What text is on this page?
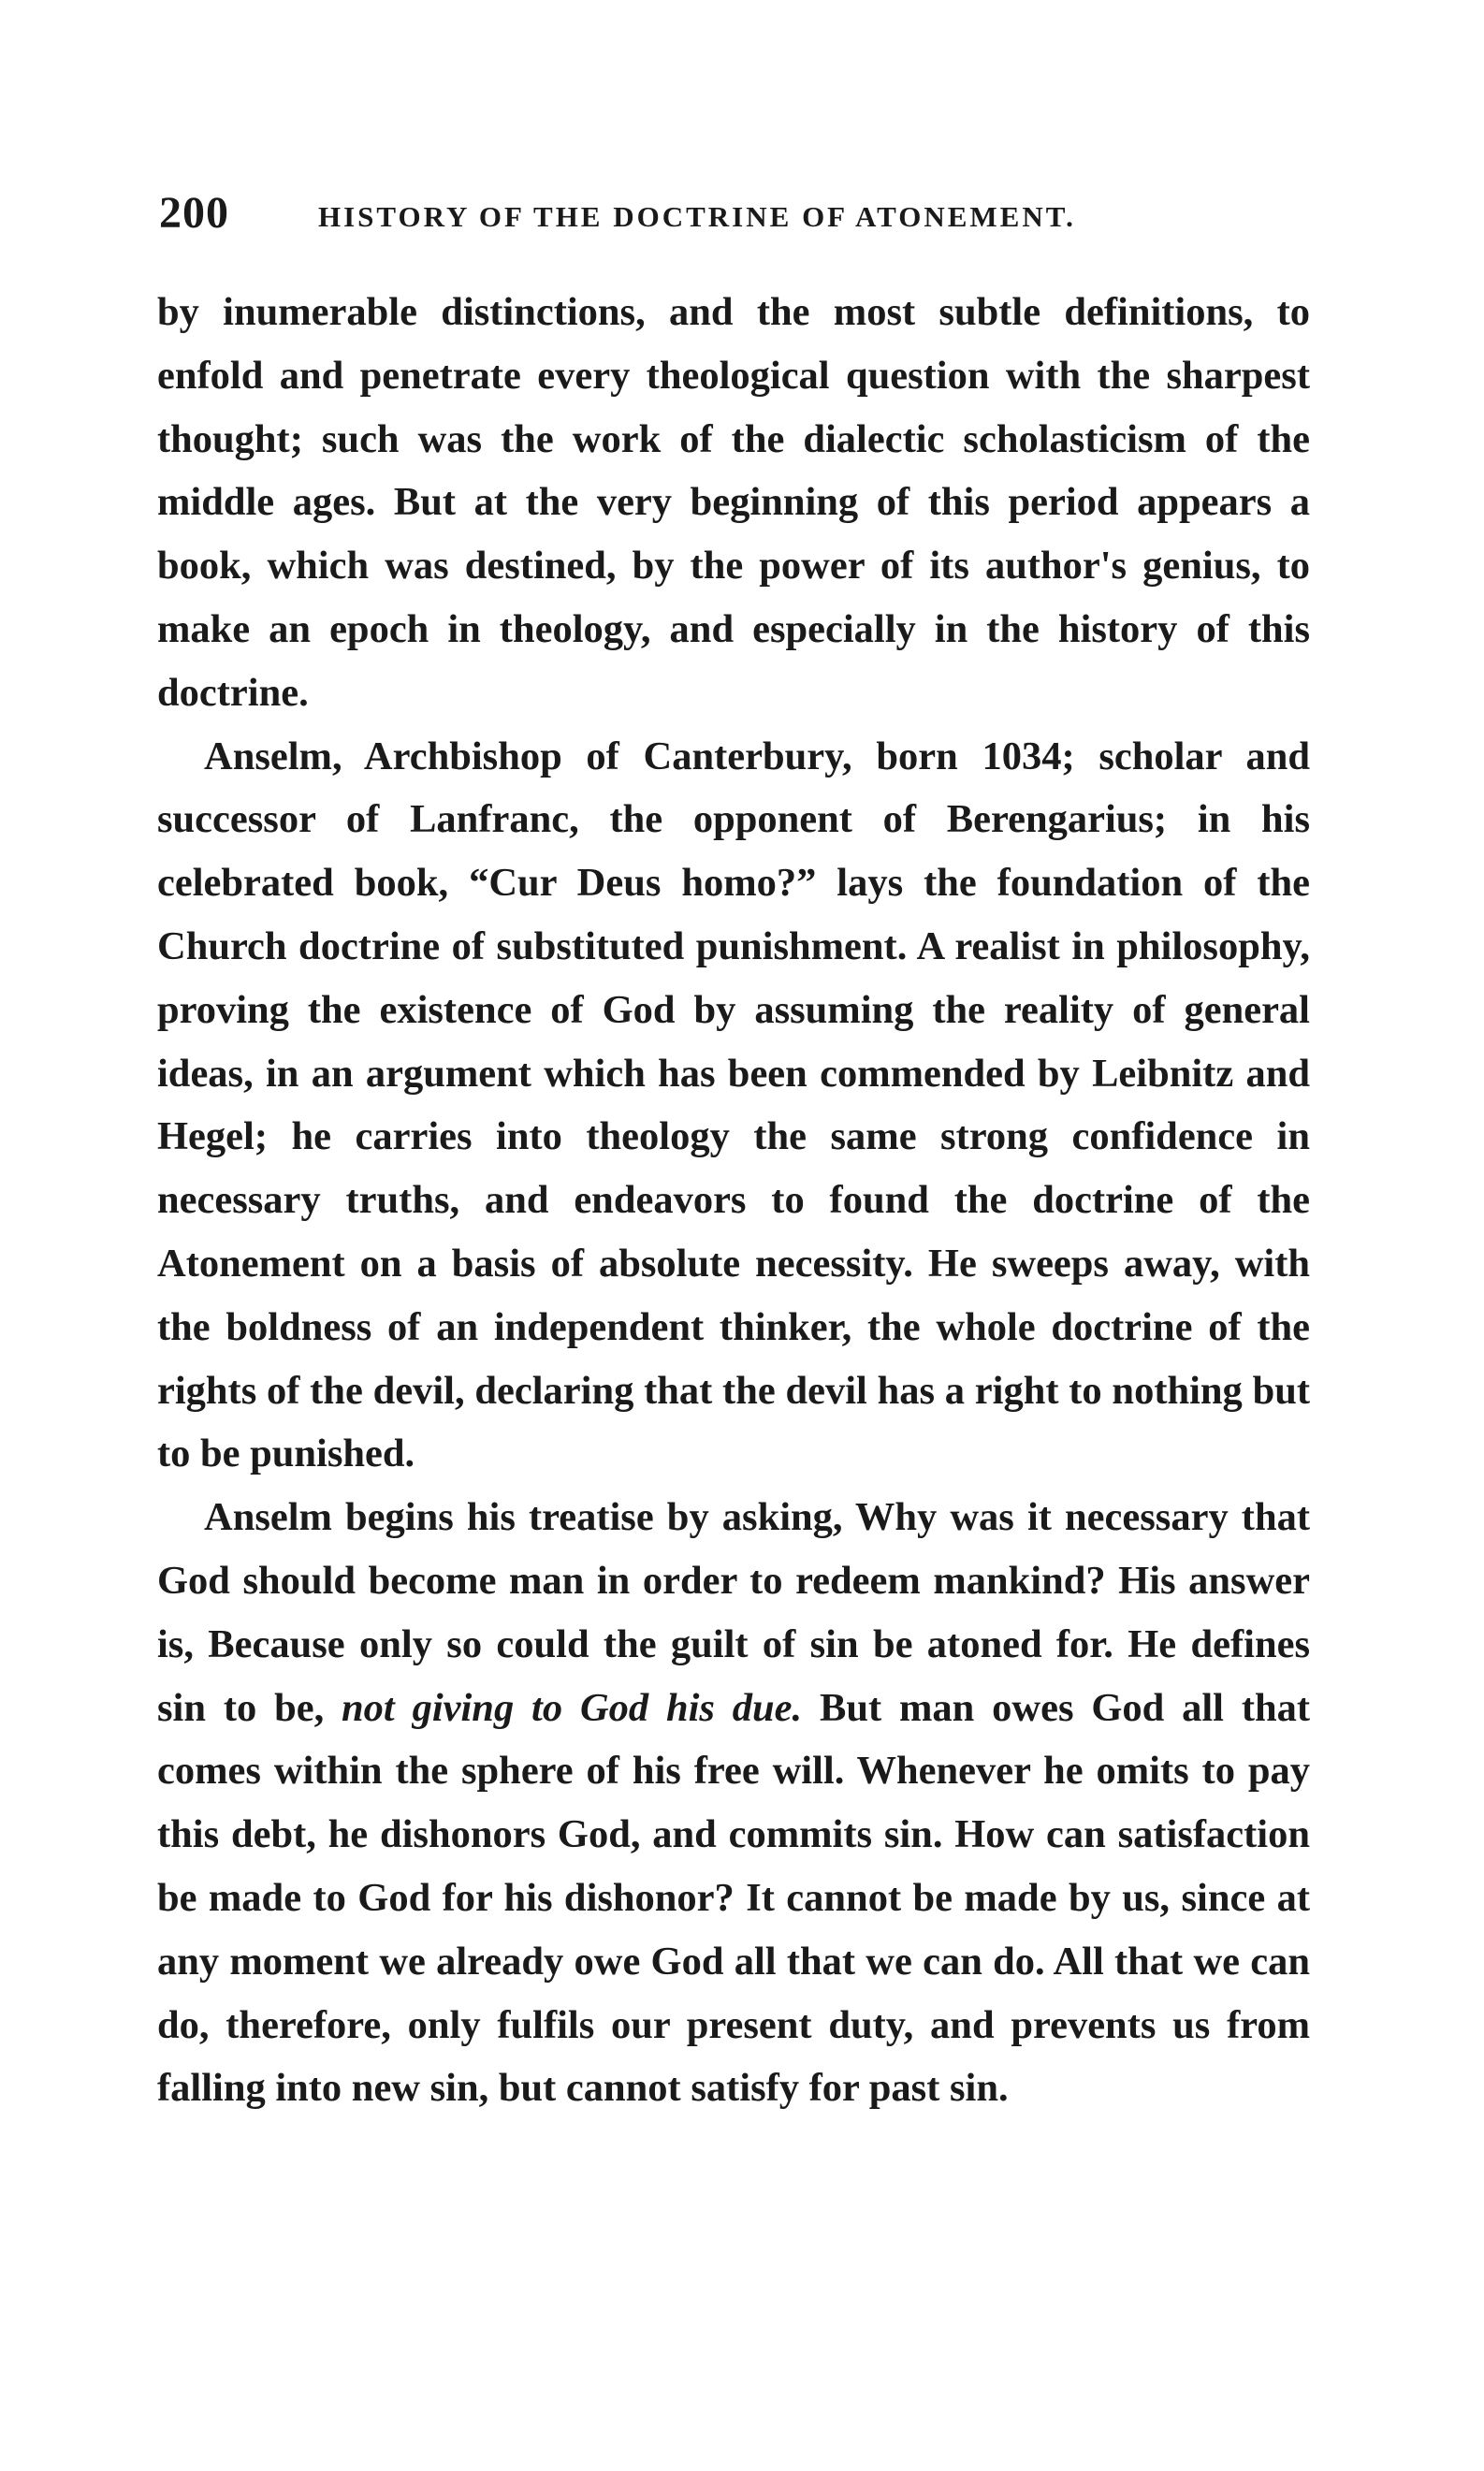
200	HISTORY OF THE DOCTRINE OF ATONEMENT.

by inumerable distinctions, and the most subtle definitions, to enfold and penetrate every theological question with the sharpest thought; such was the work of the dialectic scholasticism of the middle ages. But at the very beginning of this period appears a book, which was destined, by the power of its author's genius, to make an epoch in theology, and especially in the history of this doctrine.

Anselm, Archbishop of Canterbury, born 1034; scholar and successor of Lanfranc, the opponent of Berengarius; in his celebrated book, “Cur Deus homo?” lays the foundation of the Church doctrine of substituted punishment. A realist in philosophy, proving the existence of God by assuming the reality of general ideas, in an argument which has been commended by Leibnitz and Hegel; he carries into theology the same strong confidence in necessary truths, and endeavors to found the doctrine of the Atonement on a basis of absolute necessity. He sweeps away, with the boldness of an independent thinker, the whole doctrine of the rights of the devil, declaring that the devil has a right to nothing but to be punished.

Anselm begins his treatise by asking, Why was it necessary that God should become man in order to redeem mankind? His answer is, Because only so could the guilt of sin be atoned for. He defines sin to be, not giving to God his due. But man owes God all that comes within the sphere of his free will. Whenever he omits to pay this debt, he dishonors God, and commits sin. How can satisfaction be made to God for his dishonor? It cannot be made by us, since at any moment we already owe God all that we can do. All that we can do, therefore, only fulfils our present duty, and prevents us from falling into new sin, but cannot satisfy for past sin.
